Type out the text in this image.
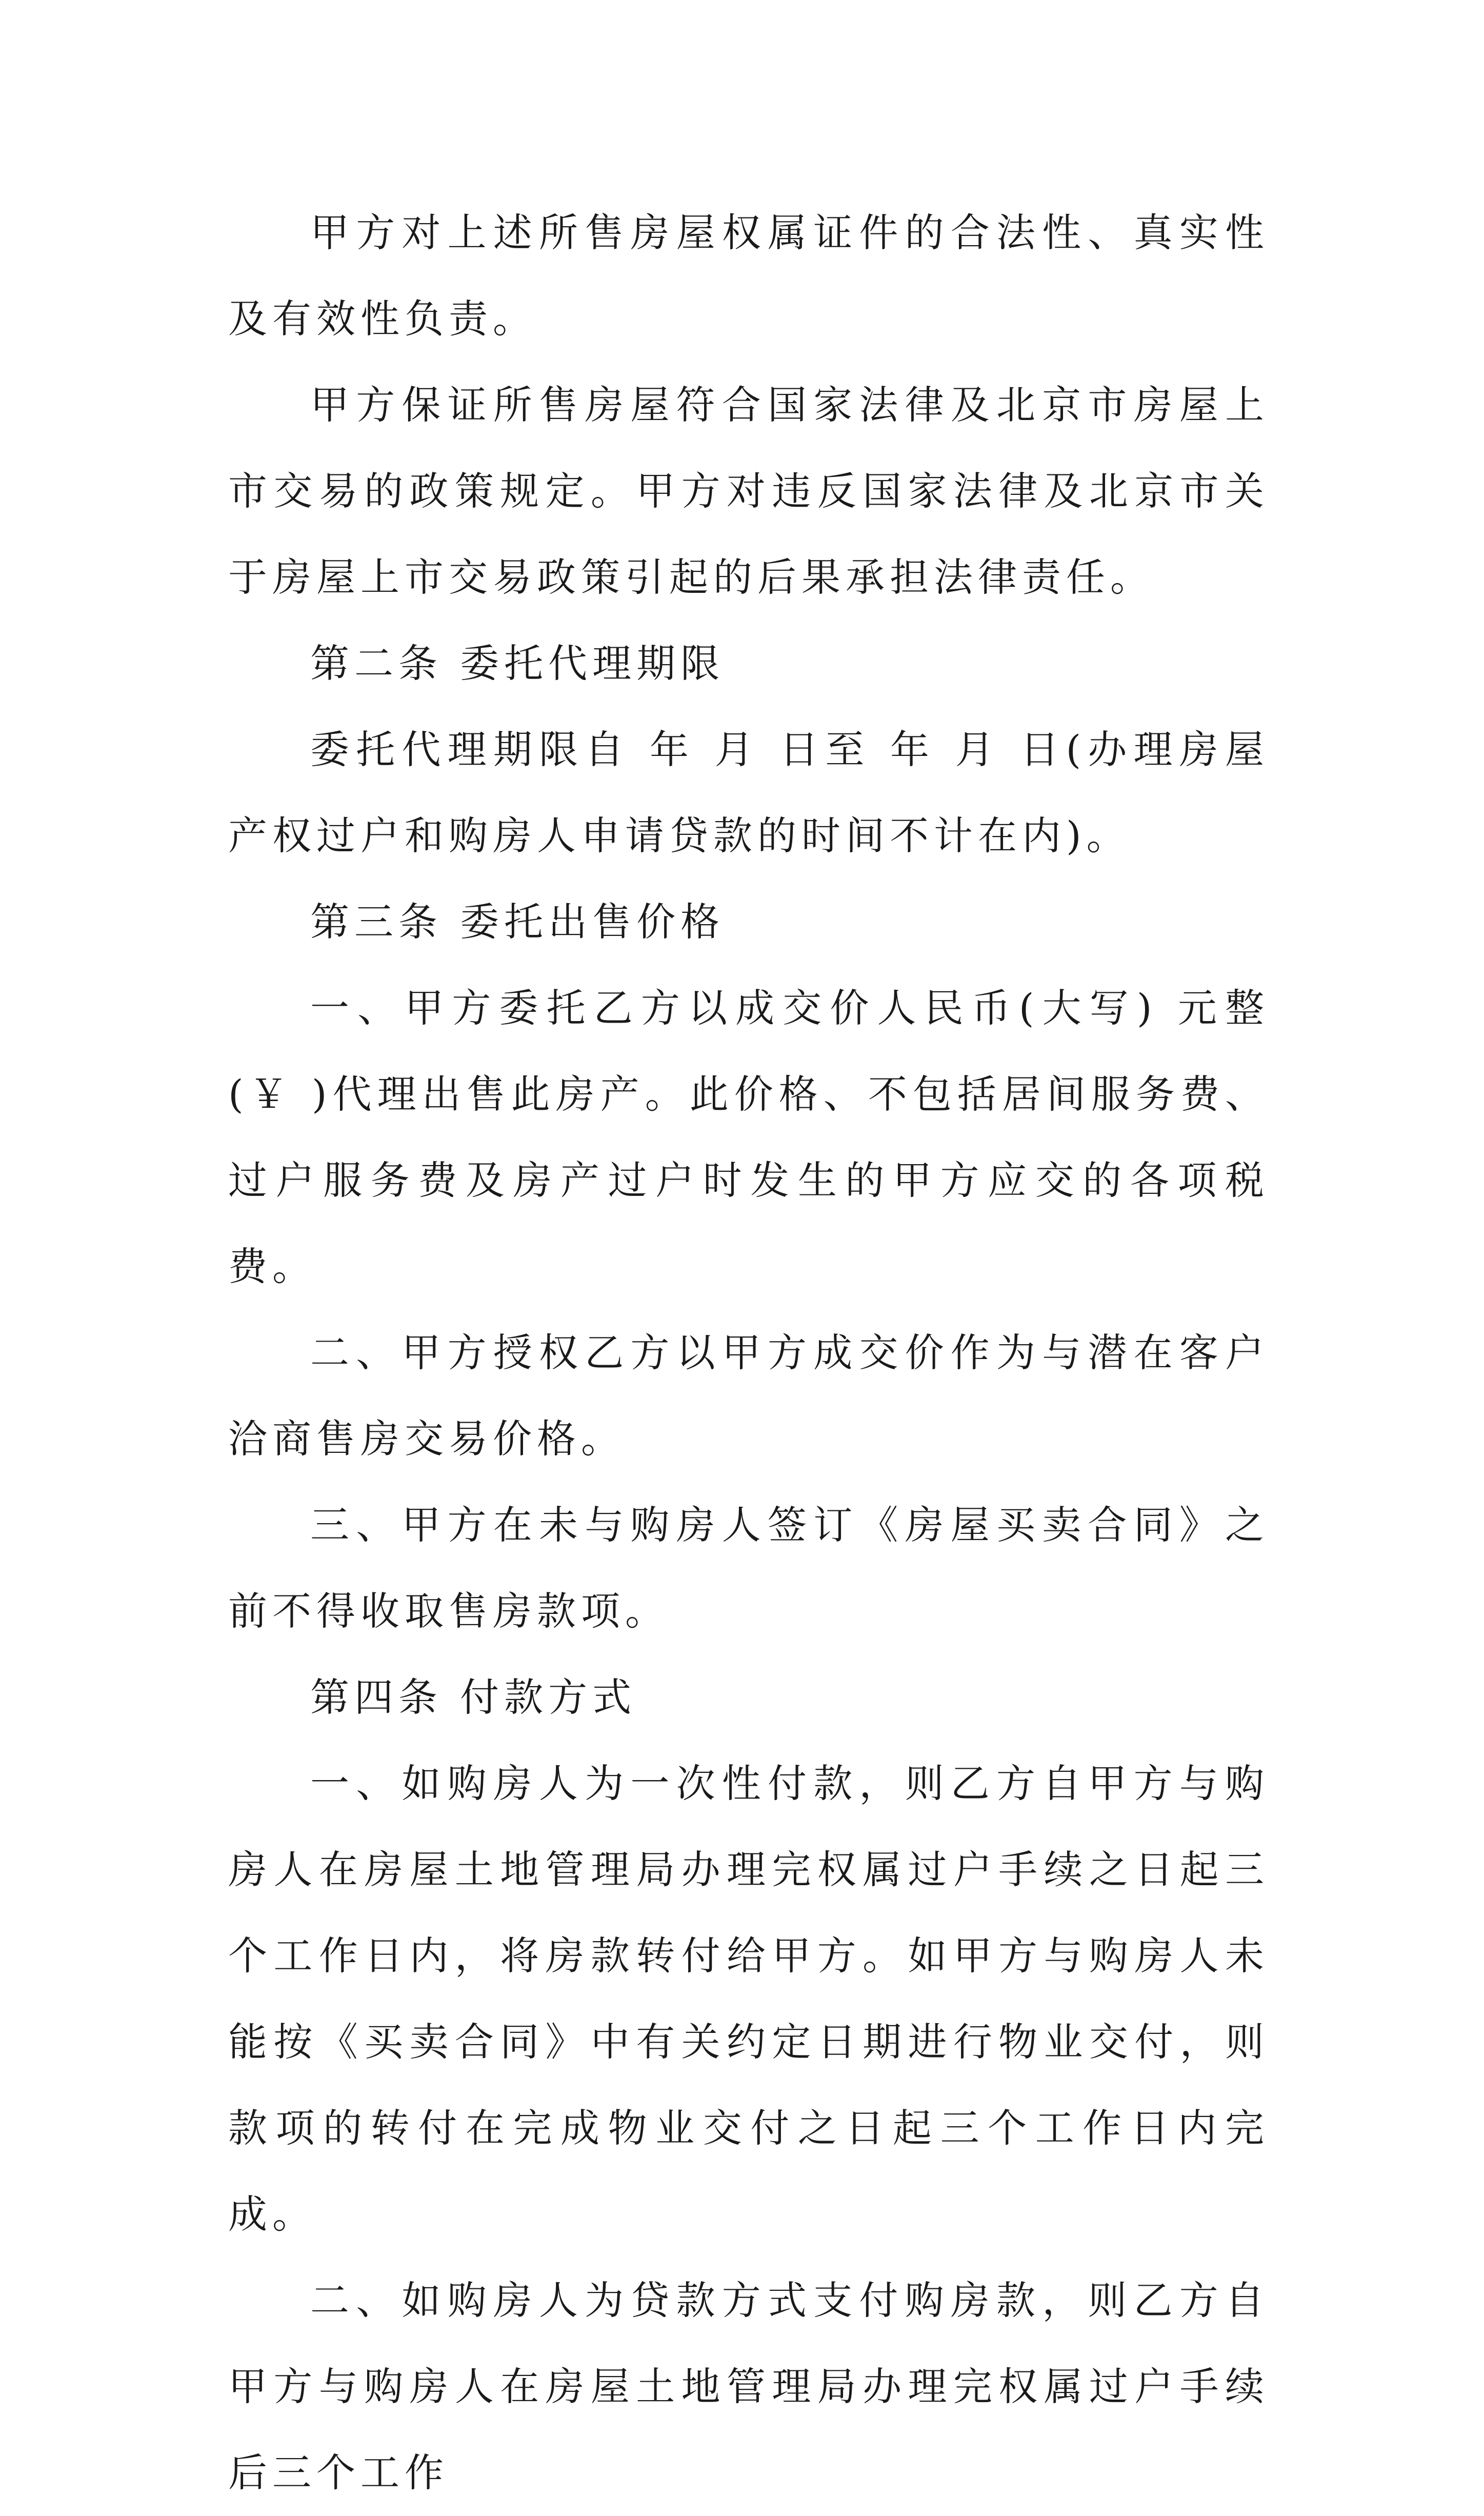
甲方对上述所售房屋权属证件的合法性、真实性及有效性负责。

甲方保证所售房屋符合国家法律及北京市房屋上市交易的政策规定。甲方对违反国家法律及北京市关于房屋上市交易政策引起的后果承担法律责任。

第二条 委托代理期限

委托代理期限自 年 月 日至 年 月 日(办理房屋产权过户和购房人申请贷款的时间不计在内)。

第三条 委托出售价格

一、甲方委托乙方以成交价人民币(大写) 元整(￥ )代理出售此房产。此价格、不包括居间服务费、过户服务费及房产过户时发生的甲方应交的各项税费。

二、甲方授权乙方以甲方成交价作为与潜在客户洽商售房交易价格。

三、甲方在未与购房人签订《房屋买卖合同》之前不得收取售房款项。

第四条 付款方式

一、如购房人为一次性付款，则乙方自甲方与购房人在房屋土地管理局办理完权属过户手续之日起三个工作日内，将房款转付给甲方。如甲方与购房人未能按《买卖合同》中有关约定日期进行物业交付，则款项的转付在完成物业交付之日起三个工作日内完成。

二、如购房人为贷款方式支付购房款，则乙方自甲方与购房人在房屋土地管理局办理完权属过户手续后三个工作
